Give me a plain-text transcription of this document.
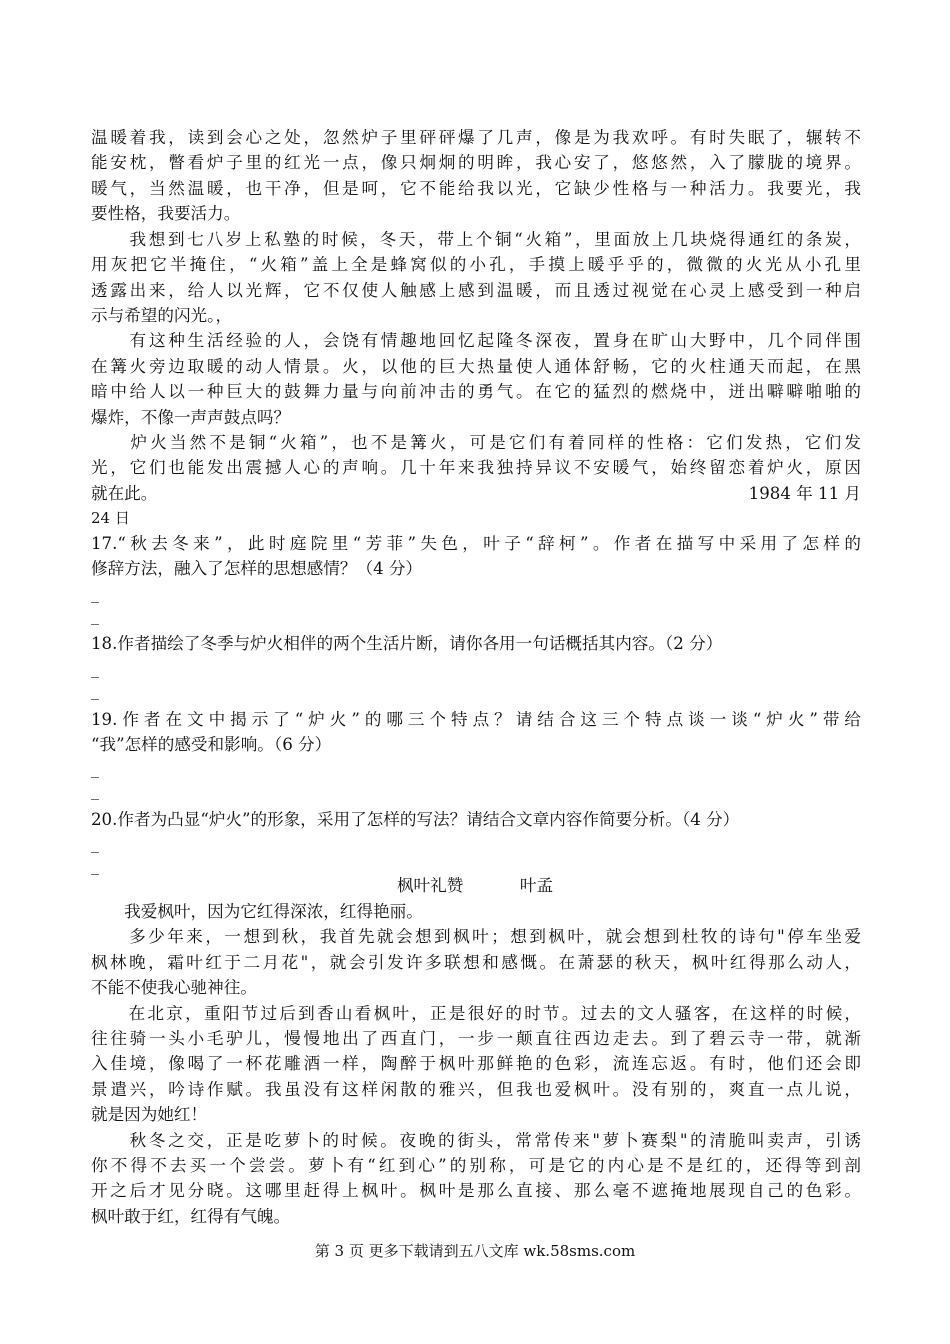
温暖着我，读到会心之处，忽然炉子里砰砰爆了几声，像是为我欢呼。有时失眠了，辗转不
能安枕，瞥看炉子里的红光一点，像只炯炯的明眸，我心安了，悠悠然，入了朦胧的境界。
暖气，当然温暖，也干净，但是呵，它不能给我以光，它缺少性格与一种活力。我要光，我
要性格，我要活力。
　　我想到七八岁上私塾的时候，冬天，带上个铜“火箱”，里面放上几块烧得通红的条炭，
用灰把它半掩住，“火箱”盖上全是蜂窝似的小孔，手摸上暖乎乎的，微微的火光从小孔里
透露出来，给人以光辉，它不仅使人触感上感到温暖，而且透过视觉在心灵上感受到一种启
示与希望的闪光。，
　　有这种生活经验的人，会饶有情趣地回忆起隆冬深夜，置身在旷山大野中，几个同伴围
在篝火旁边取暖的动人情景。火，以他的巨大热量使人通体舒畅，它的火柱通天而起，在黑
暗中给人以一种巨大的鼓舞力量与向前冲击的勇气。在它的猛烈的燃烧中，迸出噼噼啪啪的
爆炸，不像一声声鼓点吗？
　　炉火当然不是铜“火箱”，也不是篝火，可是它们有着同样的性格：它们发热，它们发
光，它们也能发出震撼人心的声响。几十年来我独持异议不安暖气，始终留恋着炉火，原因
就在此。	1984 年 11 月
24 日
17.“秋去冬来”，此时庭院里“芳菲”失色，叶子“辞柯”。作者在描写中采用了怎样的
修辞方法，融入了怎样的思想感情？（4 分）
_
_
18.作者描绘了冬季与炉火相伴的两个生活片断，请你各用一句话概括其内容。（2 分）
_
_
19.作者在文中揭示了“炉火”的哪三个特点？请结合这三个特点谈一谈“炉火”带给
“我”怎样的感受和影响。（6 分）
_
_
20.作者为凸显“炉火”的形象，采用了怎样的写法？请结合文章内容作简要分析。（4 分）
_
_
枫叶礼赞	叶孟
　　我爱枫叶，因为它红得深浓，红得艳丽。
　　多少年来，一想到秋，我首先就会想到枫叶；想到枫叶，就会想到杜牧的诗句"停车坐爱
枫林晚，霜叶红于二月花"，就会引发许多联想和感慨。在萧瑟的秋天，枫叶红得那么动人，
不能不使我心驰神往。
　　在北京，重阳节过后到香山看枫叶，正是很好的时节。过去的文人骚客，在这样的时候，
往往骑一头小毛驴儿，慢慢地出了西直门，一步一颠直往西边走去。到了碧云寺一带，就渐
入佳境，像喝了一杯花雕酒一样，陶醉于枫叶那鲜艳的色彩，流连忘返。有时，他们还会即
景遣兴，吟诗作赋。我虽没有这样闲散的雅兴，但我也爱枫叶。没有别的，爽直一点儿说，
就是因为她红！
　　秋冬之交，正是吃萝卜的时候。夜晚的街头，常常传来"萝卜赛梨"的清脆叫卖声，引诱
你不得不去买一个尝尝。萝卜有“红到心”的别称，可是它的内心是不是红的，还得等到剖
开之后才见分晓。这哪里赶得上枫叶。枫叶是那么直接、那么毫不遮掩地展现自己的色彩。
枫叶敢于红，红得有气魄。
第 3 页 更多下载请到五八文库 wk.58sms.com
